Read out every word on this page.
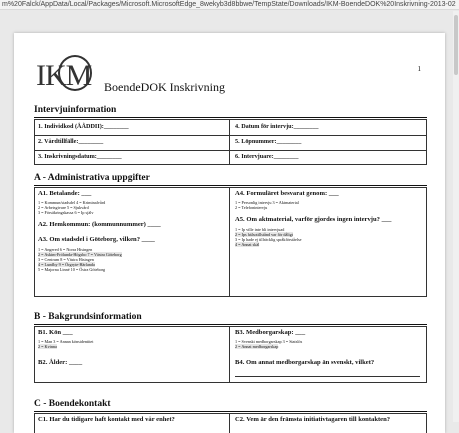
m%20Falck/AppData/Local/Packages/Microsoft.MicrosoftEdge_8wekyb3d8bbwe/TempState/Downloads/IKM-BoendeDOK%20Inskrivning-2013-02
IKM BoendeDOK Inskrivning
1
Intervjuinformation
1. Individkod (ÅÅDDII):________
2. Vårdtillfälle:________
3. Inskrivningsdatum:________
4. Datum för intervju:________
5. Löpnummer:________
6. Intervjuare:________
A - Administrativa uppgifter
A1. Betalande: ___
1 = Kommun/stadsdel 4 = Kriminalvård
2 = Arbetsgivare 5 = Sjukvård
3 = Försäkringskassa 6 = Ip själv
A2. Hemkommun: (kommunnummer) ____
A3. Om stadsdel i Göteborg, vilken? ____
1 = Angered 6 = Norra Hisingen
2 = Askim-Frölunda-Högsbo 7 = Västra Göteborg
3 = Centrum 8 = Västra Hisingen
4 = Lundby 9 = Örgryte-Härlanda
5 = Majorna Linné 10 = Östra Göteborg
A4. Formuläret besvarat genom: ___
1 = Personlig intervju 3 = Aktmaterial
2 = Telefonintervju
A5. Om aktmaterial, varför gjordes ingen intervju? ___
1 = Ip ville inte bli intervjuad
2 = Ips hälsotillstånd var för dåligt
3 = Ip hade ej tillräcklig språkförståelse
4 = Annat skäl
B - Bakgrundsinformation
B1. Kön ___
1 = Man 3 = Annan könsidentitet
2 = Kvinna
B2. Ålder: ____
B3. Medborgarskap: ___
1 = Svenskt medborgarskap 3 = Statslös
2 = Annat medborgarskap
B4. Om annat medborgarskap än svenskt, vilket?
C - Boendekontakt
C1. Har du tidigare haft kontakt med vår enhet?	C2. Vem är den främsta initiativtagaren till kontakten?
